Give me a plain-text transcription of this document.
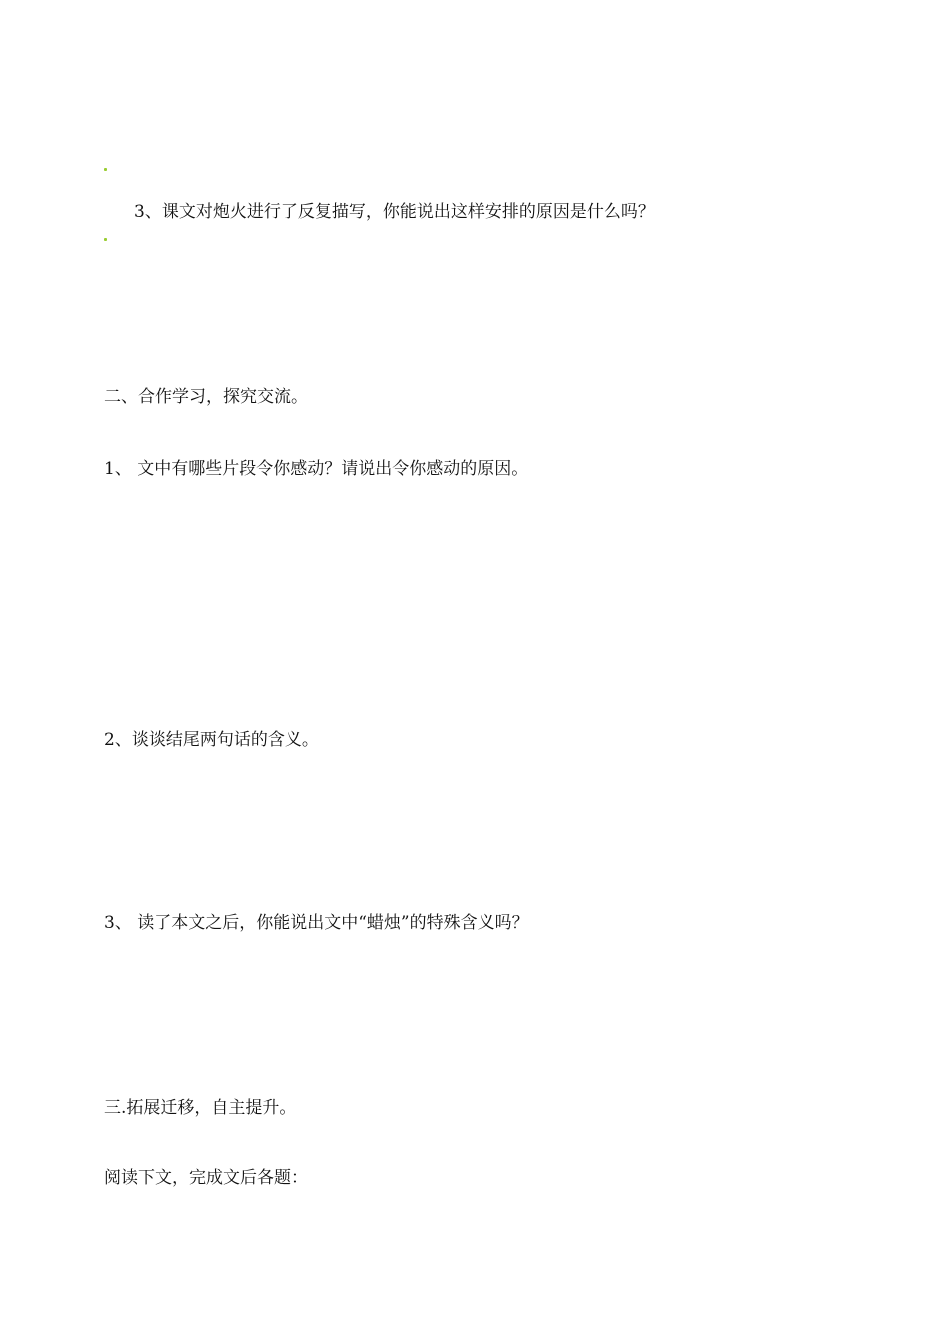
3、课文对炮火进行了反复描写，你能说出这样安排的原因是什么吗？
二、合作学习，探究交流。
1、 文中有哪些片段令你感动？请说出令你感动的原因。
2、谈谈结尾两句话的含义。
3、 读了本文之后，你能说出文中“蜡烛”的特殊含义吗？
三.拓展迁移，自主提升。
阅读下文，完成文后各题：
